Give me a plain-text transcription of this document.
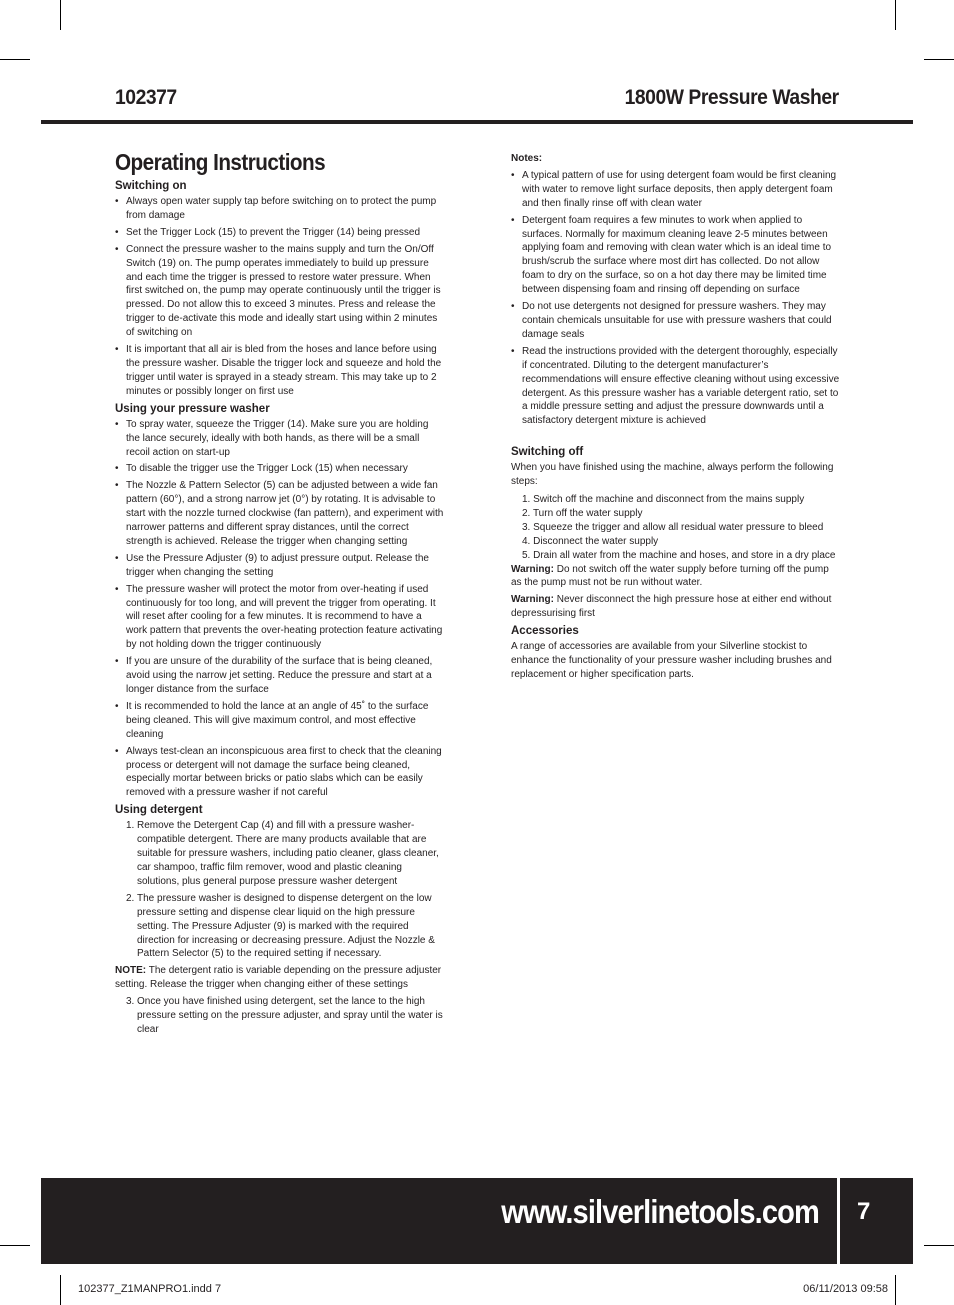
102377	1800W Pressure Washer
Operating Instructions
Switching on
• Always open water supply tap before switching on to protect the pump from damage
• Set the Trigger Lock (15) to prevent the Trigger (14) being pressed
• Connect the pressure washer to the mains supply and turn the On/Off Switch (19) on. The pump operates immediately to build up pressure and each time the trigger is pressed to restore water pressure. When first switched on, the pump may operate continuously until the trigger is pressed. Do not allow this to exceed 3 minutes. Press and release the trigger to de-activate this mode and ideally start using within 2 minutes of switching on
• It is important that all air is bled from the hoses and lance before using the pressure washer. Disable the trigger lock and squeeze and hold the trigger until water is sprayed in a steady stream. This may take up to 2 minutes or possibly longer on first use
Using your pressure washer
• To spray water, squeeze the Trigger (14). Make sure you are holding the lance securely, ideally with both hands, as there will be a small recoil action on start-up
• To disable the trigger use the Trigger Lock (15) when necessary
• The Nozzle & Pattern Selector (5) can be adjusted between a wide fan pattern (60°), and a strong narrow jet (0°) by rotating. It is advisable to start with the nozzle turned clockwise (fan pattern), and experiment with narrower patterns and different spray distances, until the correct strength is achieved. Release the trigger when changing setting
• Use the Pressure Adjuster (9) to adjust pressure output. Release the trigger when changing the setting
• The pressure washer will protect the motor from over-heating if used continuously for too long, and will prevent the trigger from operating. It will reset after cooling for a few minutes. It is recommend to have a work pattern that prevents the over-heating protection feature activating by not holding down the trigger continuously
• If you are unsure of the durability of the surface that is being cleaned, avoid using the narrow jet setting. Reduce the pressure and start at a longer distance from the surface
• It is recommended to hold the lance at an angle of 45˚ to the surface being cleaned. This will give maximum control, and most effective cleaning
• Always test-clean an inconspicuous area first to check that the cleaning process or detergent will not damage the surface being cleaned, especially mortar between bricks or patio slabs which can be easily removed with a pressure washer if not careful
Using detergent
1. Remove the Detergent Cap (4) and fill with a pressure washer-compatible detergent. There are many products available that are suitable for pressure washers, including patio cleaner, glass cleaner, car shampoo, traffic film remover, wood and plastic cleaning solutions, plus general purpose pressure washer detergent
2. The pressure washer is designed to dispense detergent on the low pressure setting and dispense clear liquid on the high pressure setting. The Pressure Adjuster (9) is marked with the required direction for increasing or decreasing pressure. Adjust the Nozzle & Pattern Selector (5) to the required setting if necessary.

NOTE: The detergent ratio is variable depending on the pressure adjuster setting. Release the trigger when changing either of these settings

3. Once you have finished using detergent, set the lance to the high pressure setting on the pressure adjuster, and spray until the water is clear
Notes:
• A typical pattern of use for using detergent foam would be first cleaning with water to remove light surface deposits, then apply detergent foam and then finally rinse off with clean water
• Detergent foam requires a few minutes to work when applied to surfaces. Normally for maximum cleaning leave 2-5 minutes between applying foam and removing with clean water which is an ideal time to brush/scrub the surface where most dirt has collected. Do not allow foam to dry on the surface, so on a hot day there may be limited time between dispensing foam and rinsing off depending on surface
• Do not use detergents not designed for pressure washers. They may contain chemicals unsuitable for use with pressure washers that could damage seals
• Read the instructions provided with the detergent thoroughly, especially if concentrated. Diluting to the detergent manufacturer’s recommendations will ensure effective cleaning without using excessive detergent. As this pressure washer has a variable detergent ratio, set to a middle pressure setting and adjust the pressure downwards until a satisfactory detergent mixture is achieved
Switching off

When you have finished using the machine, always perform the following steps:

1. Switch off the machine and disconnect from the mains supply
2. Turn off the water supply
3. Squeeze the trigger and allow all residual water pressure to bleed
4. Disconnect the water supply
5. Drain all water from the machine and hoses, and store in a dry place

Warning: Do not switch off the water supply before turning off the pump as the pump must not be run without water.

Warning: Never disconnect the high pressure hose at either end without depressurising first

Accessories

A range of accessories are available from your Silverline stockist to enhance the functionality of your pressure washer including brushes and replacement or higher specification parts.

www.silverlinetools.com 7
102377_Z1MANPRO1.indd 7	06/11/2013 09:58
